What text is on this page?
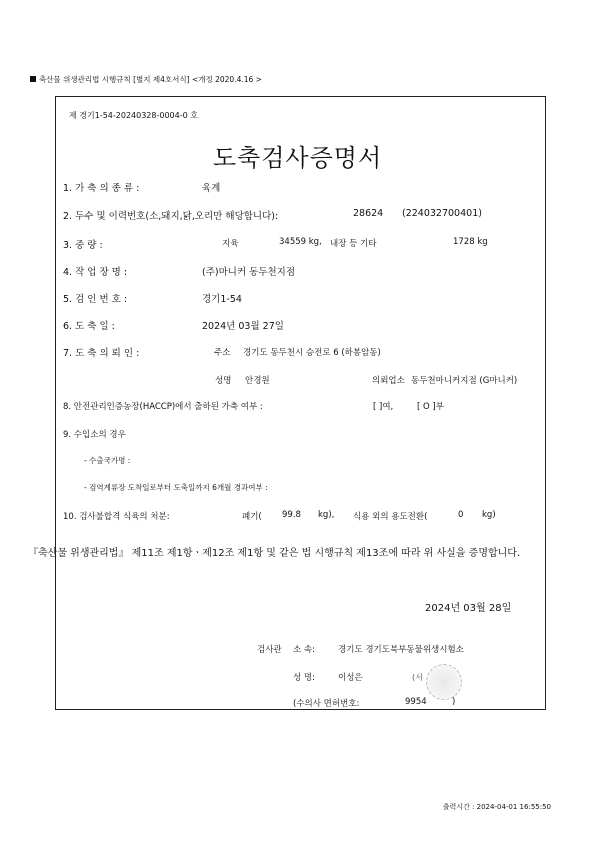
축산물 위생관리법 시행규칙 [별지 제4호서식] <개정 2020.4.16 >
제 경기1-54-20240328-0004-0 호
도축검사증명서
1. 가 축 의 종 류 :	육계
2. 두수 및 이력번호(소,돼지,닭,오리만 해당합니다):	28624 (224032700401)
3. 중 량 :	지육	34559 kg, 내장 등 기타	1728 kg
4. 작 업 장 명 :	(주)마니커 동두천지점
5. 검 인 번 호 :	경기1-54
6. 도 축 일 :	2024년 03월 27일
7. 도 축 의 뢰 인 :	주소 경기도 동두천시 승전로 6 (하봉암동)
성명 안경원	의뢰업소 동두천마니커지점 (G마니커)
8. 안전관리인증농장(HACCP)에서 출하된 가축 여부 :	[ ]여,	[ O ]부
9. 수입소의 경우
- 수출국가명 :
- 검역계류장 도착일로부터 도축일까지 6개월 경과여부 :
10. 검사불합격 식육의 처분:	폐기( 99.8 kg), 식용 외의 용도전환(	0 kg)
『축산물 위생관리법』 제11조 제1항ㆍ제12조 제1항 및 같은 법 시행규칙 제13조에 따라 위 사실을 증명합니다.
2024년 03월 28일
검사관 소 속:	경기도 경기도북부동물위생시험소
성 명:	이성은	(서
(수의사 면허번호:	9954	)
출력시간 : 2024-04-01 16:55:50
